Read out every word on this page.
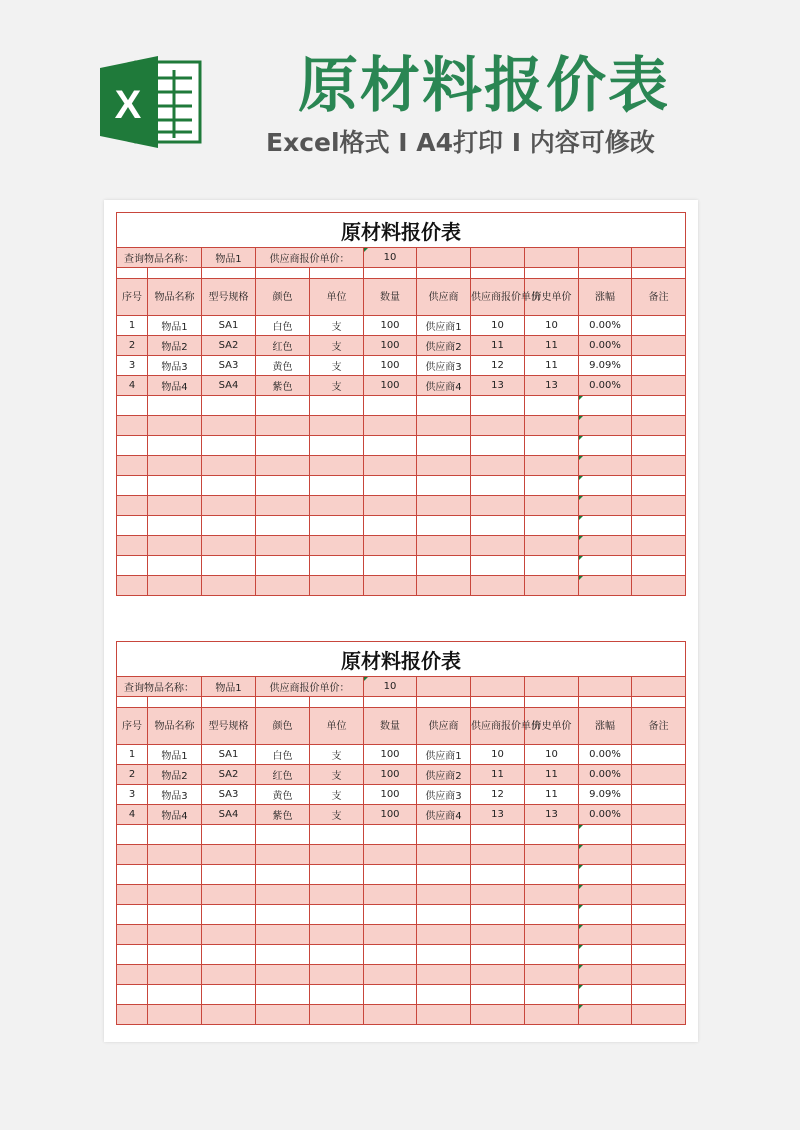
X	原材料报价表
Excel格式 I A4打印 I 内容可修改
原材料报价表										
查询物品名称：		物品1	供应商报价单价：		10					

序号	物品名称	型号规格	颜色	单位	数量	供应商	供应商报价单价	历史单价	涨幅	备注
1	物品1	SA1	白色	支	100	供应商1	10	10	0.00%	
2	物品2	SA2	红色	支	100	供应商2	11	11	0.00%	
3	物品3	SA3	黄色	支	100	供应商3	12	11	9.09%	
4	物品4	SA4	紫色	支	100	供应商4	13	13	0.00%	

原材料报价表										
查询物品名称：		物品1	供应商报价单价：		10					

序号	物品名称	型号规格	颜色	单位	数量	供应商	供应商报价单价	历史单价	涨幅	备注
1	物品1	SA1	白色	支	100	供应商1	10	10	0.00%	
2	物品2	SA2	红色	支	100	供应商2	11	11	0.00%	
3	物品3	SA3	黄色	支	100	供应商3	12	11	9.09%	
4	物品4	SA4	紫色	支	100	供应商4	13	13	0.00%	
